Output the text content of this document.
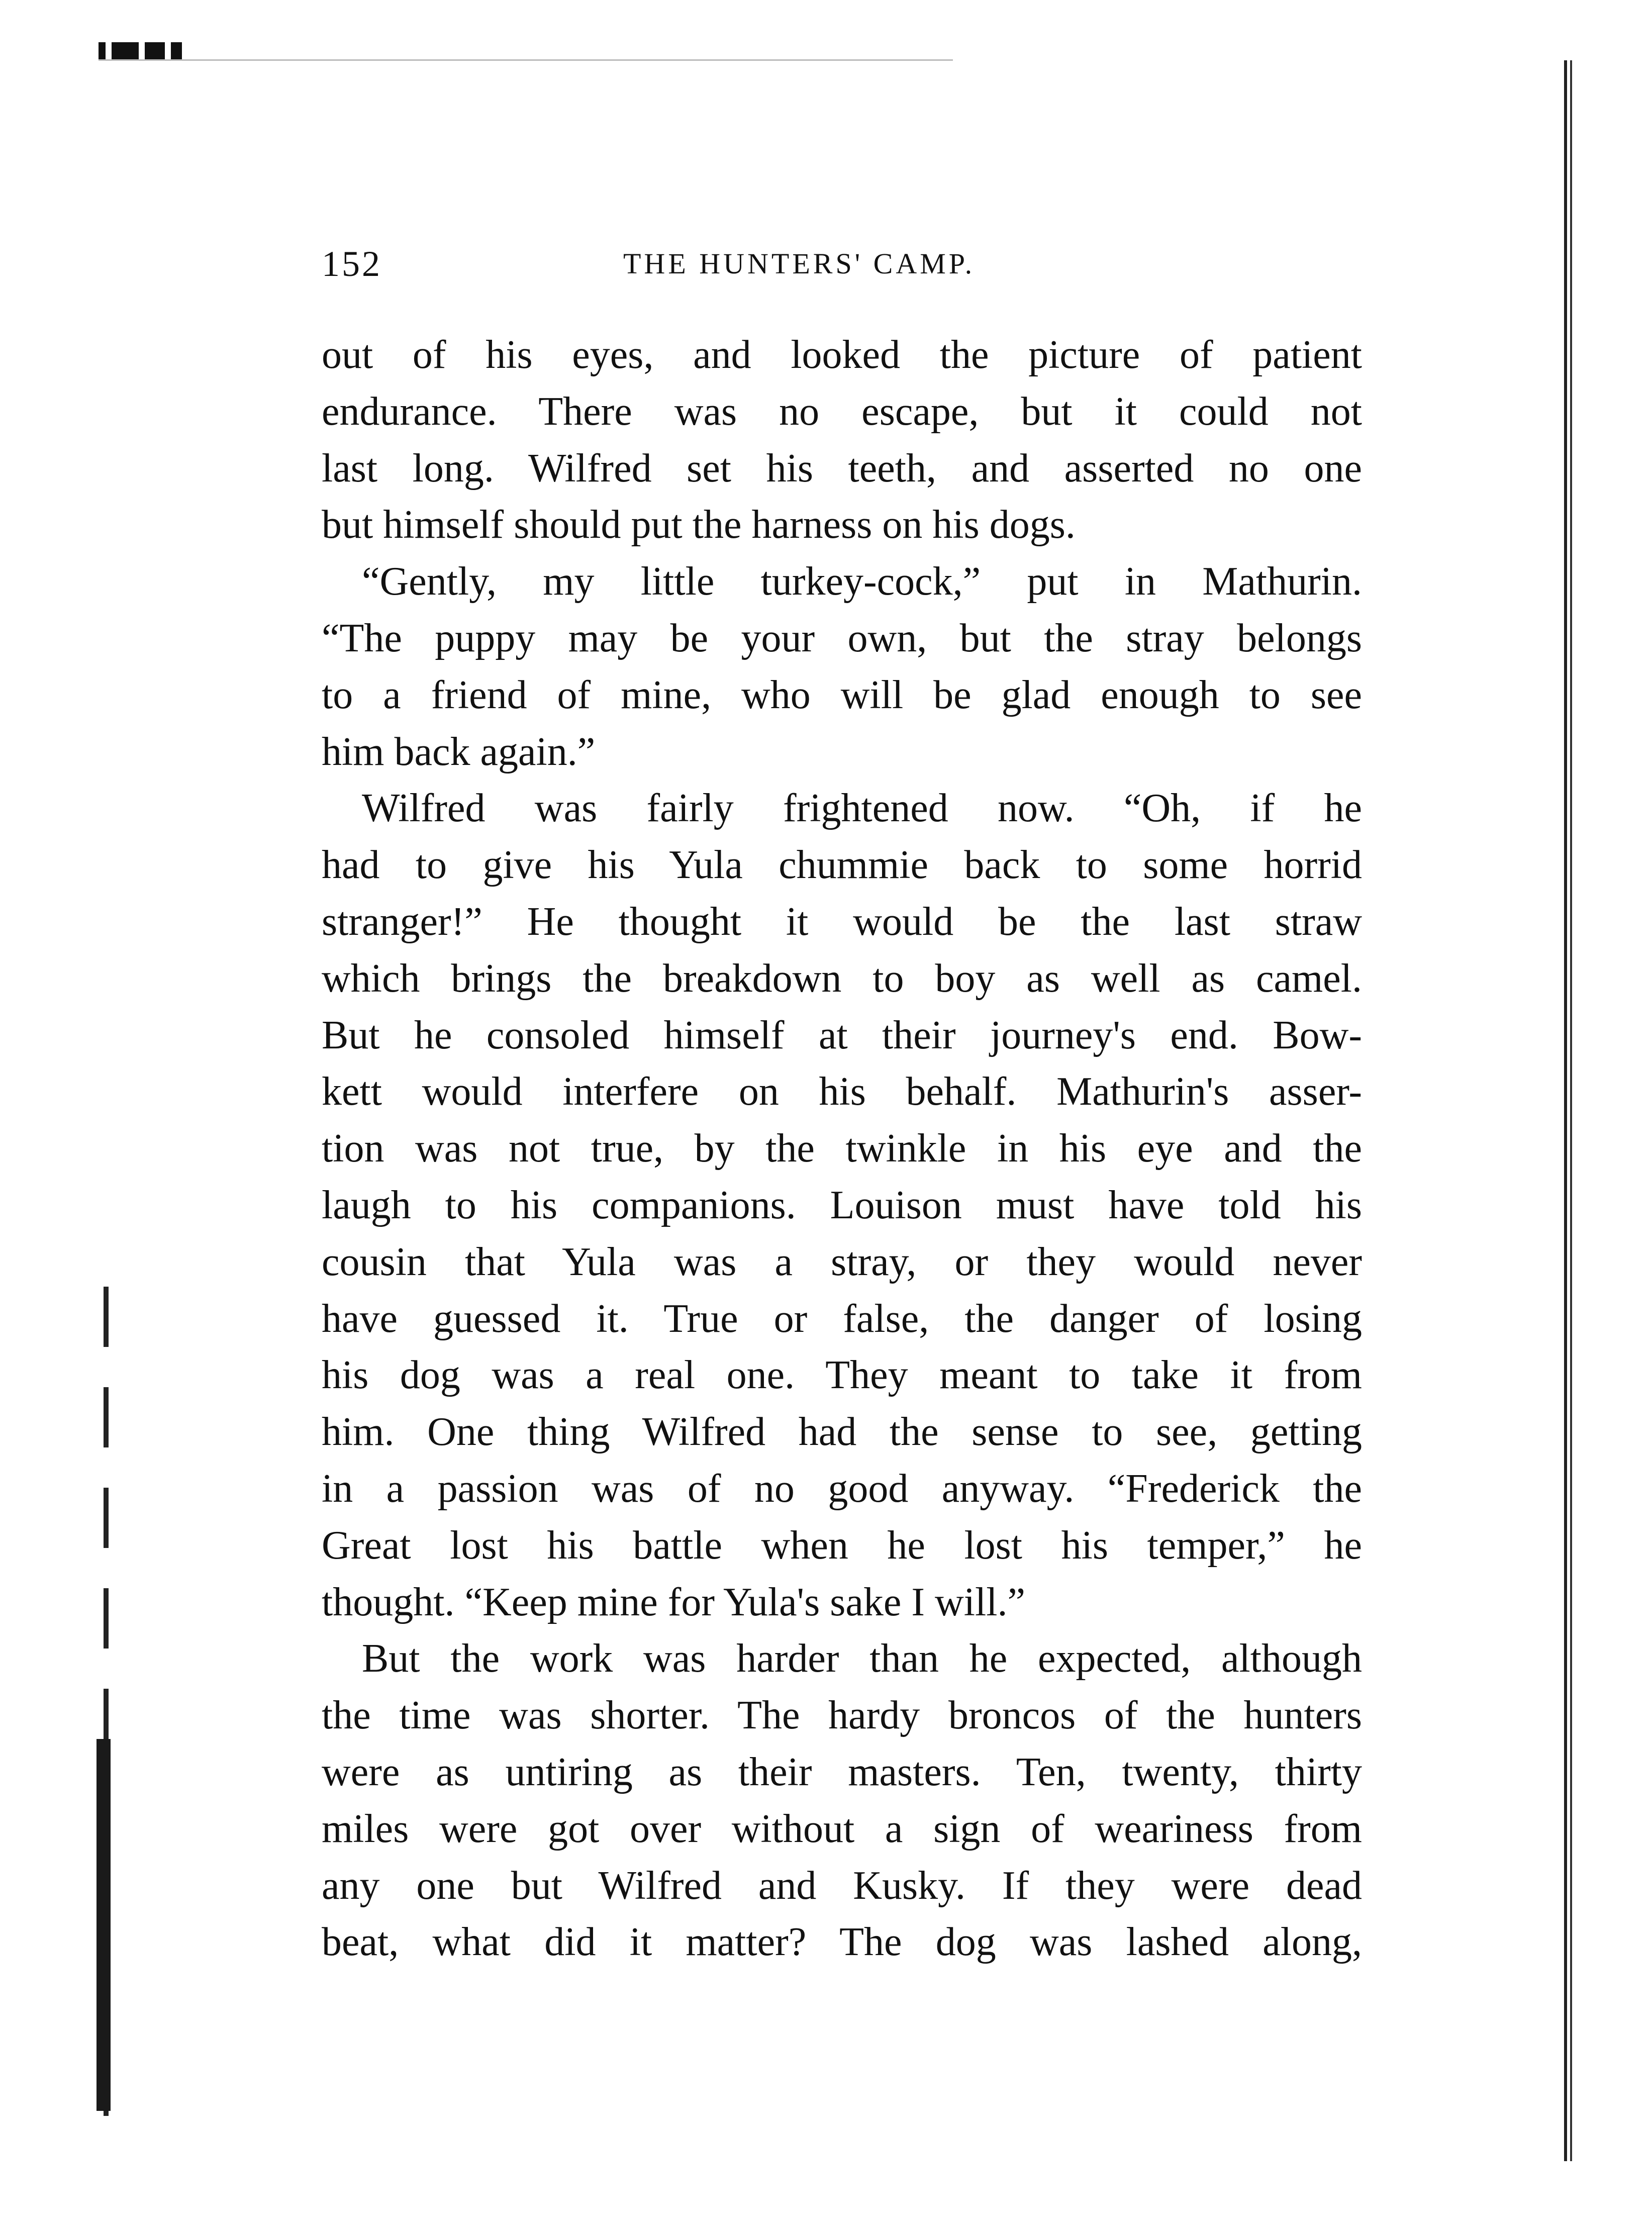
152	THE HUNTERS' CAMP.
out of his eyes, and looked the picture of patient
endurance. There was no escape, but it could not
last long. Wilfred set his teeth, and asserted no one
but himself should put the harness on his dogs.
“Gently, my little turkey-cock,” put in Mathurin.
“The puppy may be your own, but the stray belongs
to a friend of mine, who will be glad enough to see
him back again.”
Wilfred was fairly frightened now. “Oh, if he
had to give his Yula chummie back to some horrid
stranger!” He thought it would be the last straw
which brings the breakdown to boy as well as camel.
But he consoled himself at their journey's end. Bow-
kett would interfere on his behalf. Mathurin's asser-
tion was not true, by the twinkle in his eye and the
laugh to his companions. Louison must have told his
cousin that Yula was a stray, or they would never
have guessed it. True or false, the danger of losing
his dog was a real one. They meant to take it from
him. One thing Wilfred had the sense to see, getting
in a passion was of no good anyway. “Frederick the
Great lost his battle when he lost his temper,” he
thought. “Keep mine for Yula's sake I will.”
But the work was harder than he expected, although
the time was shorter. The hardy broncos of the hunters
were as untiring as their masters. Ten, twenty, thirty
miles were got over without a sign of weariness from
any one but Wilfred and Kusky. If they were dead
beat, what did it matter? The dog was lashed along,
